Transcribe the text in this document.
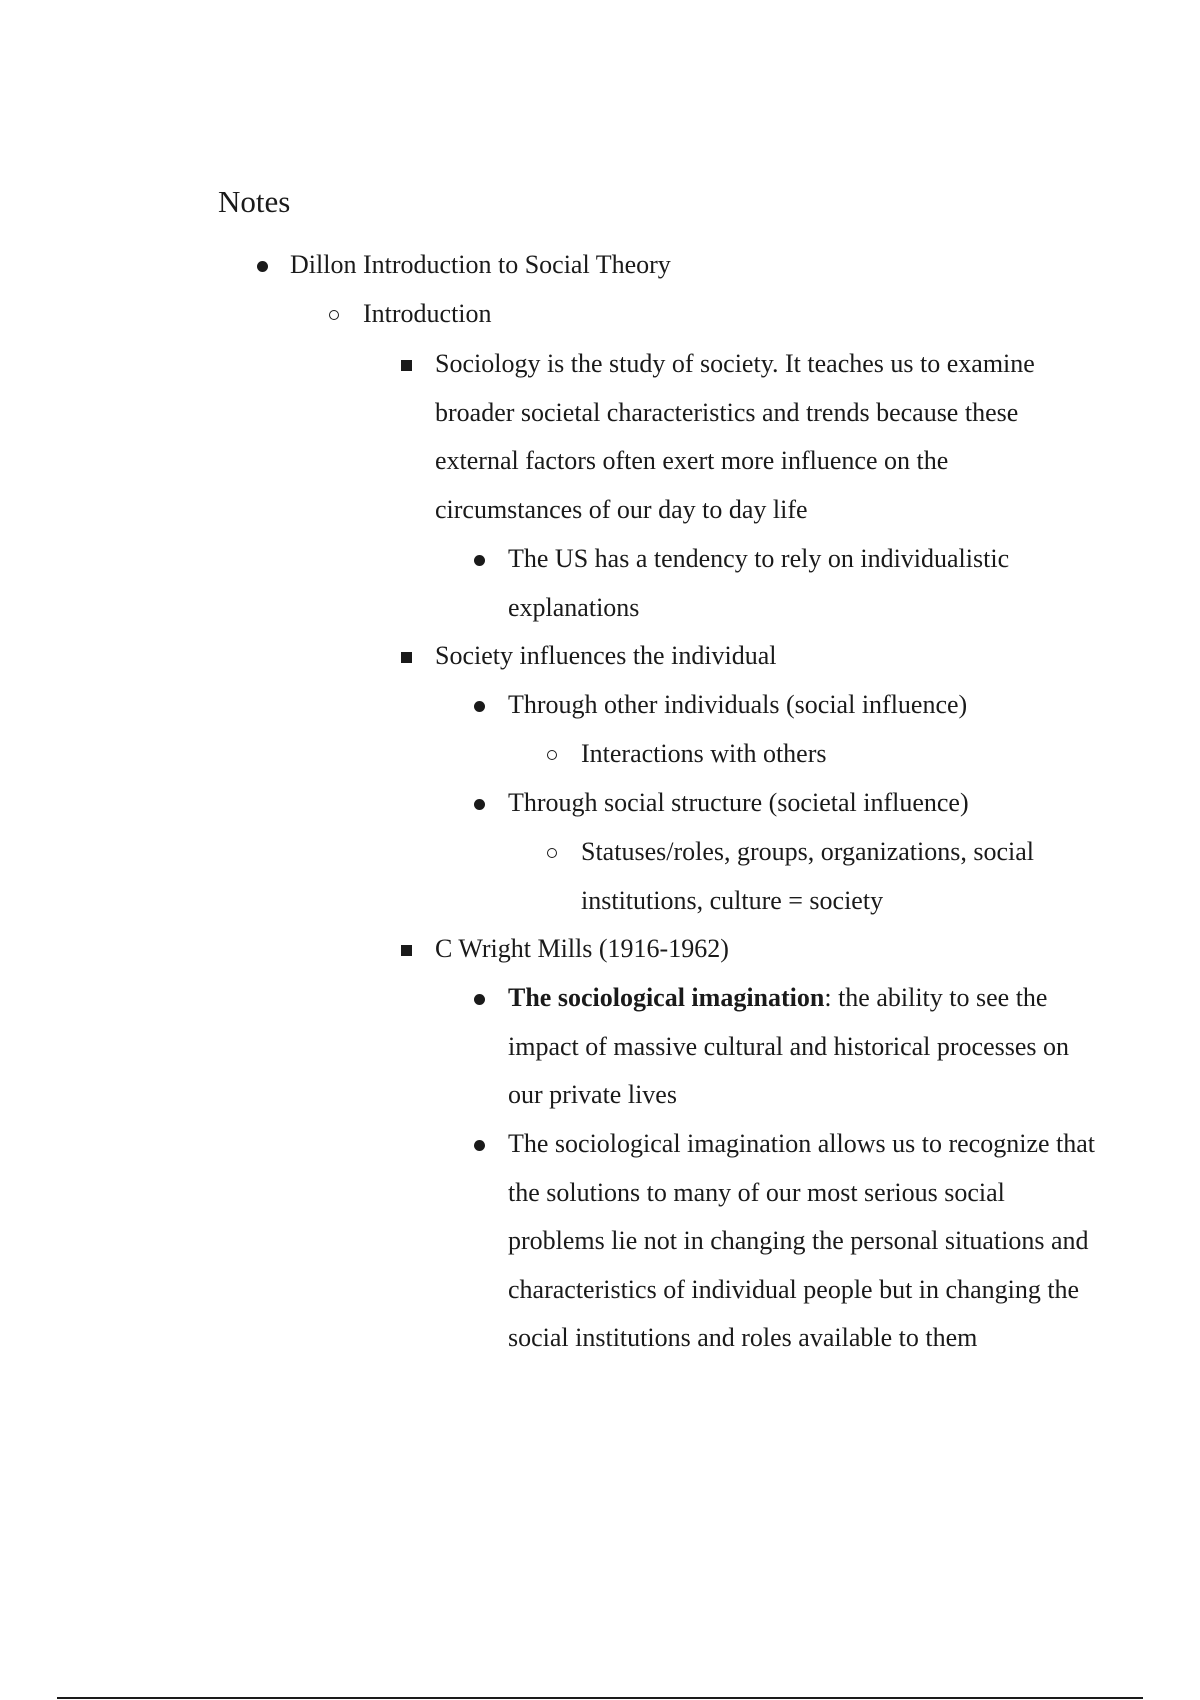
Notes

Dillon Introduction to Social Theory

Introduction

Sociology is the study of society. It teaches us to examine broader societal characteristics and trends because these external factors often exert more influence on the circumstances of our day to day life

The US has a tendency to rely on individualistic explanations

Society influences the individual

Through other individuals (social influence)

Interactions with others

Through social structure (societal influence)

Statuses/roles, groups, organizations, social institutions, culture = society

C Wright Mills (1916-1962)

The sociological imagination: the ability to see the impact of massive cultural and historical processes on our private lives

The sociological imagination allows us to recognize that the solutions to many of our most serious social problems lie not in changing the personal situations and characteristics of individual people but in changing the social institutions and roles available to them
